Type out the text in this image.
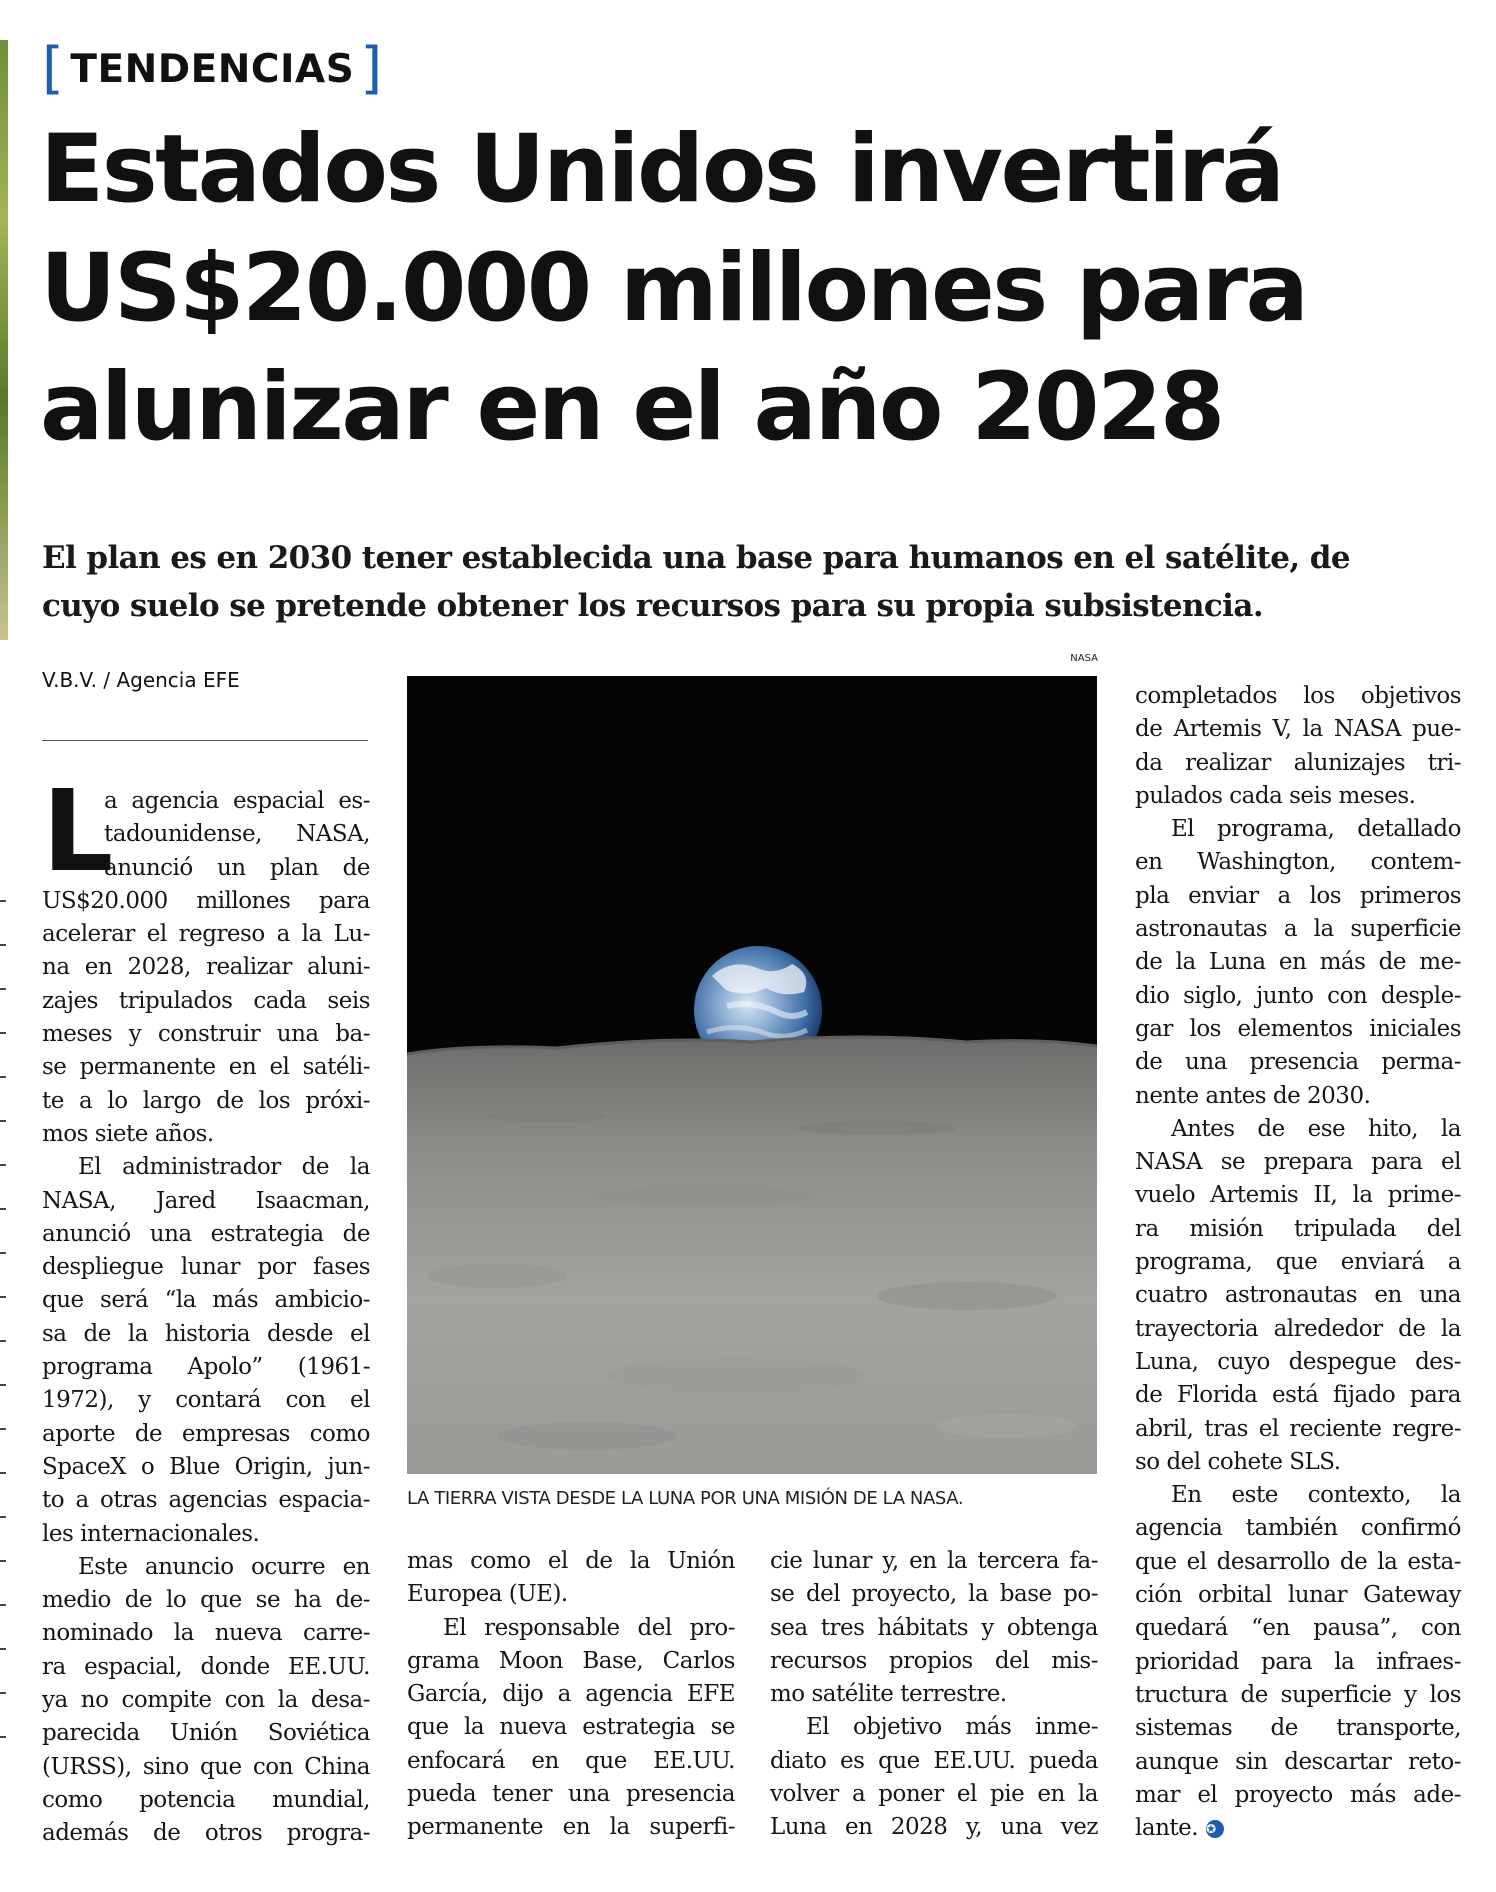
[ TENDENCIAS ]
Estados Unidos invertirá
US$20.000 millones para
alunizar en el año 2028

El plan es en 2030 tener establecida una base para humanos en el satélite, de
cuyo suelo se pretende obtener los recursos para su propia subsistencia.

V.B.V. / Agencia EFE
NASA
LA TIERRA VISTA DESDE LA LUNA POR UNA MISIÓN DE LA NASA.
L
a agencia espacial es-
tadounidense, NASA,
anunció un plan de
US$20.000 millones para
acelerar el regreso a la Lu-
na en 2028, realizar aluni-
zajes tripulados cada seis
meses y construir una ba-
se permanente en el satéli-
te a lo largo de los próxi-
mos siete años.
El administrador de la
NASA, Jared Isaacman,
anunció una estrategia de
despliegue lunar por fases
que será “la más ambicio-
sa de la historia desde el
programa Apolo” (1961-
1972), y contará con el
aporte de empresas como
SpaceX o Blue Origin, jun-
to a otras agencias espacia-
les internacionales.
Este anuncio ocurre en
medio de lo que se ha de-
nominado la nueva carre-
ra espacial, donde EE.UU.
ya no compite con la desa-
parecida Unión Soviética
(URSS), sino que con China
como potencia mundial,
además de otros progra-
mas como el de la Unión
Europea (UE).
El responsable del pro-
grama Moon Base, Carlos
García, dijo a agencia EFE
que la nueva estrategia se
enfocará en que EE.UU.
pueda tener una presencia
permanente en la superfi-
cie lunar y, en la tercera fa-
se del proyecto, la base po-
sea tres hábitats y obtenga
recursos propios del mis-
mo satélite terrestre.
El objetivo más inme-
diato es que EE.UU. pueda
volver a poner el pie en la
Luna en 2028 y, una vez
completados los objetivos
de Artemis V, la NASA pue-
da realizar alunizajes tri-
pulados cada seis meses.
El programa, detallado
en Washington, contem-
pla enviar a los primeros
astronautas a la superficie
de la Luna en más de me-
dio siglo, junto con desple-
gar los elementos iniciales
de una presencia perma-
nente antes de 2030.
Antes de ese hito, la
NASA se prepara para el
vuelo Artemis II, la prime-
ra misión tripulada del
programa, que enviará a
cuatro astronautas en una
trayectoria alrededor de la
Luna, cuyo despegue des-
de Florida está fijado para
abril, tras el reciente regre-
so del cohete SLS.
En este contexto, la
agencia también confirmó
que el desarrollo de la esta-
ción orbital lunar Gateway
quedará “en pausa”, con
prioridad para la infraes-
tructura de superficie y los
sistemas de transporte,
aunque sin descartar reto-
mar el proyecto más ade-
lante. ✪
